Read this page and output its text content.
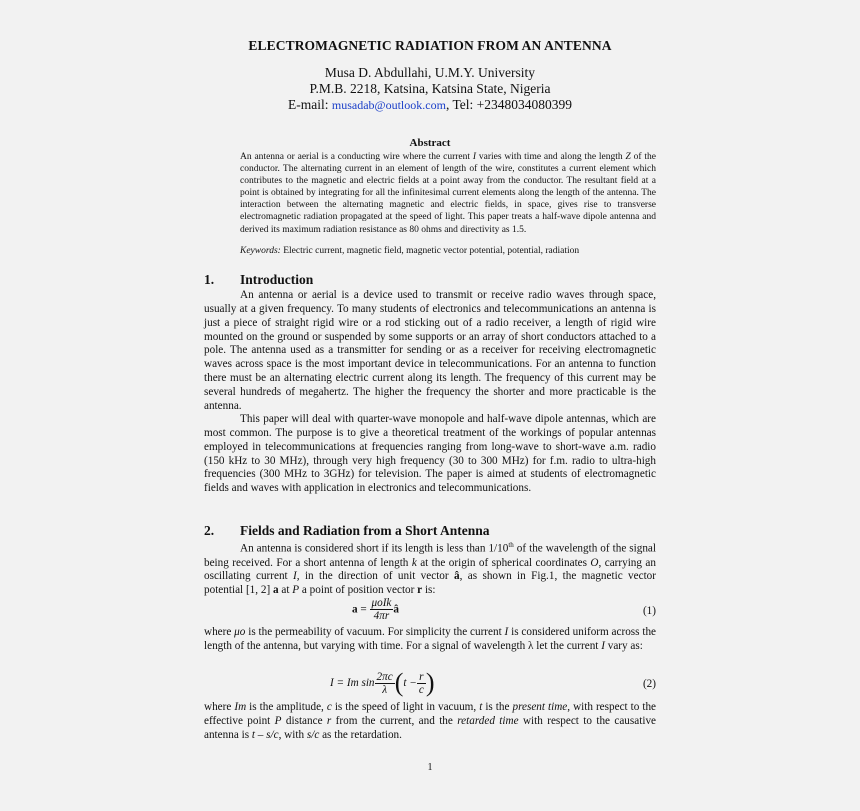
ELECTROMAGNETIC RADIATION FROM AN ANTENNA
Musa D. Abdullahi, U.M.Y. University
P.M.B. 2218, Katsina, Katsina State, Nigeria
E-mail: musadab@outlook.com, Tel: +2348034080399
Abstract
An antenna or aerial is a conducting wire where the current I varies with time and along the length Z of the conductor. The alternating current in an element of length of the wire, constitutes a current element which contributes to the magnetic and electric fields at a point away from the conductor. The resultant field at a point is obtained by integrating for all the infinitesimal current elements along the length of the antenna. The interaction between the alternating magnetic and electric fields, in space, gives rise to transverse electromagnetic radiation propagated at the speed of light. This paper treats a half-wave dipole antenna and derived its maximum radiation resistance as 80 ohms and directivity as 1.5.
Keywords: Electric current, magnetic field, magnetic vector potential, potential, radiation
1. Introduction

An antenna or aerial is a device used to transmit or receive radio waves through space, usually at a given frequency. To many students of electronics and telecommunications an antenna is just a piece of straight rigid wire or a rod sticking out of a radio receiver, a length of rigid wire mounted on the ground or suspended by some supports or an array of short conductors attached to a pole. The antenna used as a transmitter for sending or as a receiver for receiving electromagnetic waves across space is the most important device in telecommunications. For an antenna to function there must be an alternating electric current along its length. The frequency of this current may be several hundreds of megahertz. The higher the frequency the shorter and more practicable is the antenna.

This paper will deal with quarter-wave monopole and half-wave dipole antennas, which are most common. The purpose is to give a theoretical treatment of the workings of popular antennas employed in telecommunications at frequencies ranging from long-wave to short-wave a.m. radio (150 kHz to 30 MHz), through very high frequency (30 to 300 MHz) for f.m. radio to ultra-high frequencies (300 MHz to 3GHz) for television. The paper is aimed at students of electromagnetic fields and waves with application in electronics and telecommunications.

2. Fields and Radiation from a Short Antenna

An antenna is considered short if its length is less than 1/10th of the wavelength of the signal being received. For a short antenna of length k at the origin of spherical coordinates O, carrying an oscillating current I, in the direction of unit vector â, as shown in Fig.1, the magnetic vector potential [1, 2] a at P a point of position vector r is:

$a = \frac{\text{μoIk}}{4\pi r}$ â	(1)

where μo is the permeability of vacuum. For simplicity the current I is considered uniform across the length of the antenna, but varying with time. For a signal of wavelength λ let the current I vary as:

I = Im $\sin \frac{2\pi c}{\lambda} (t - \frac{r}{c}$ )	(2)

where Im is the amplitude, c is the speed of light in vacuum, t is the present time, with respect to the effective point P distance r from the current, and the retarded time with respect to the causative antenna is t – s/c, with s/c as the retardation.

1
